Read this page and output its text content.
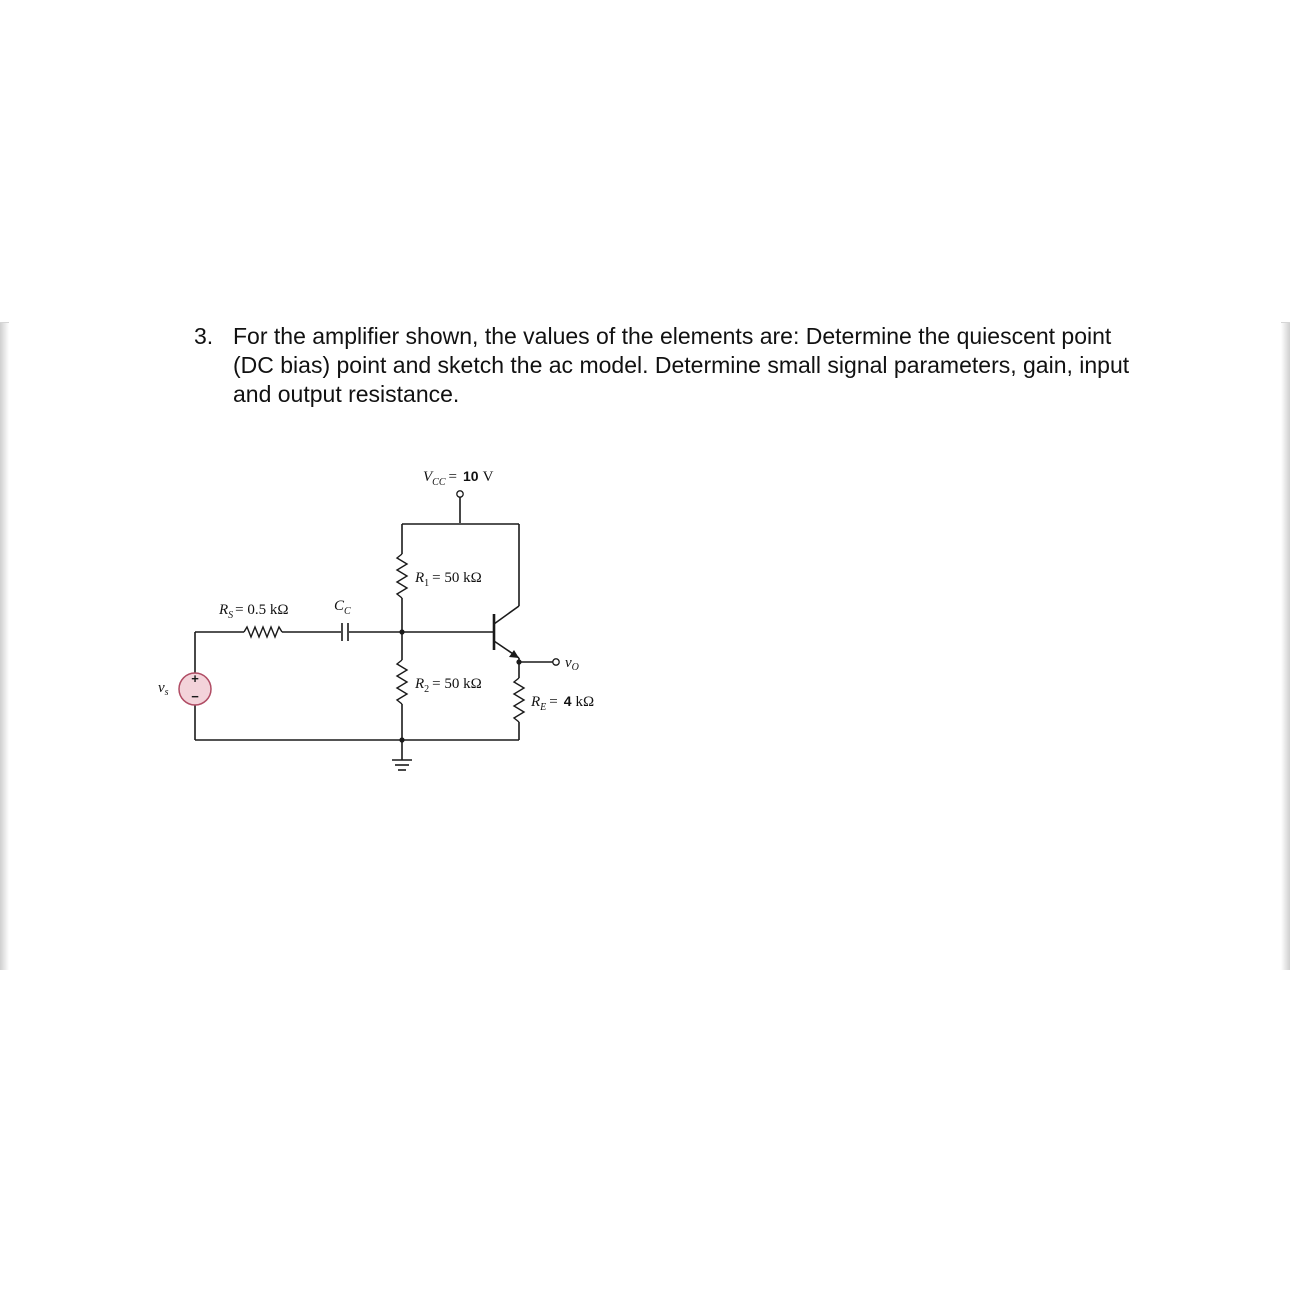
3. For the amplifier shown, the values of the elements are: Determine the quiescent point (DC bias) point and sketch the ac model. Determine small signal parameters, gain, input and output resistance.
+
−
$V_{CC} = 10$ V
$R_1 = 50$ kΩ
$R_2 = 50$ kΩ
$R_S = 0.5$ kΩ	$C_C$
$R_E = 4$ kΩ
$v_O$
$v_s$
